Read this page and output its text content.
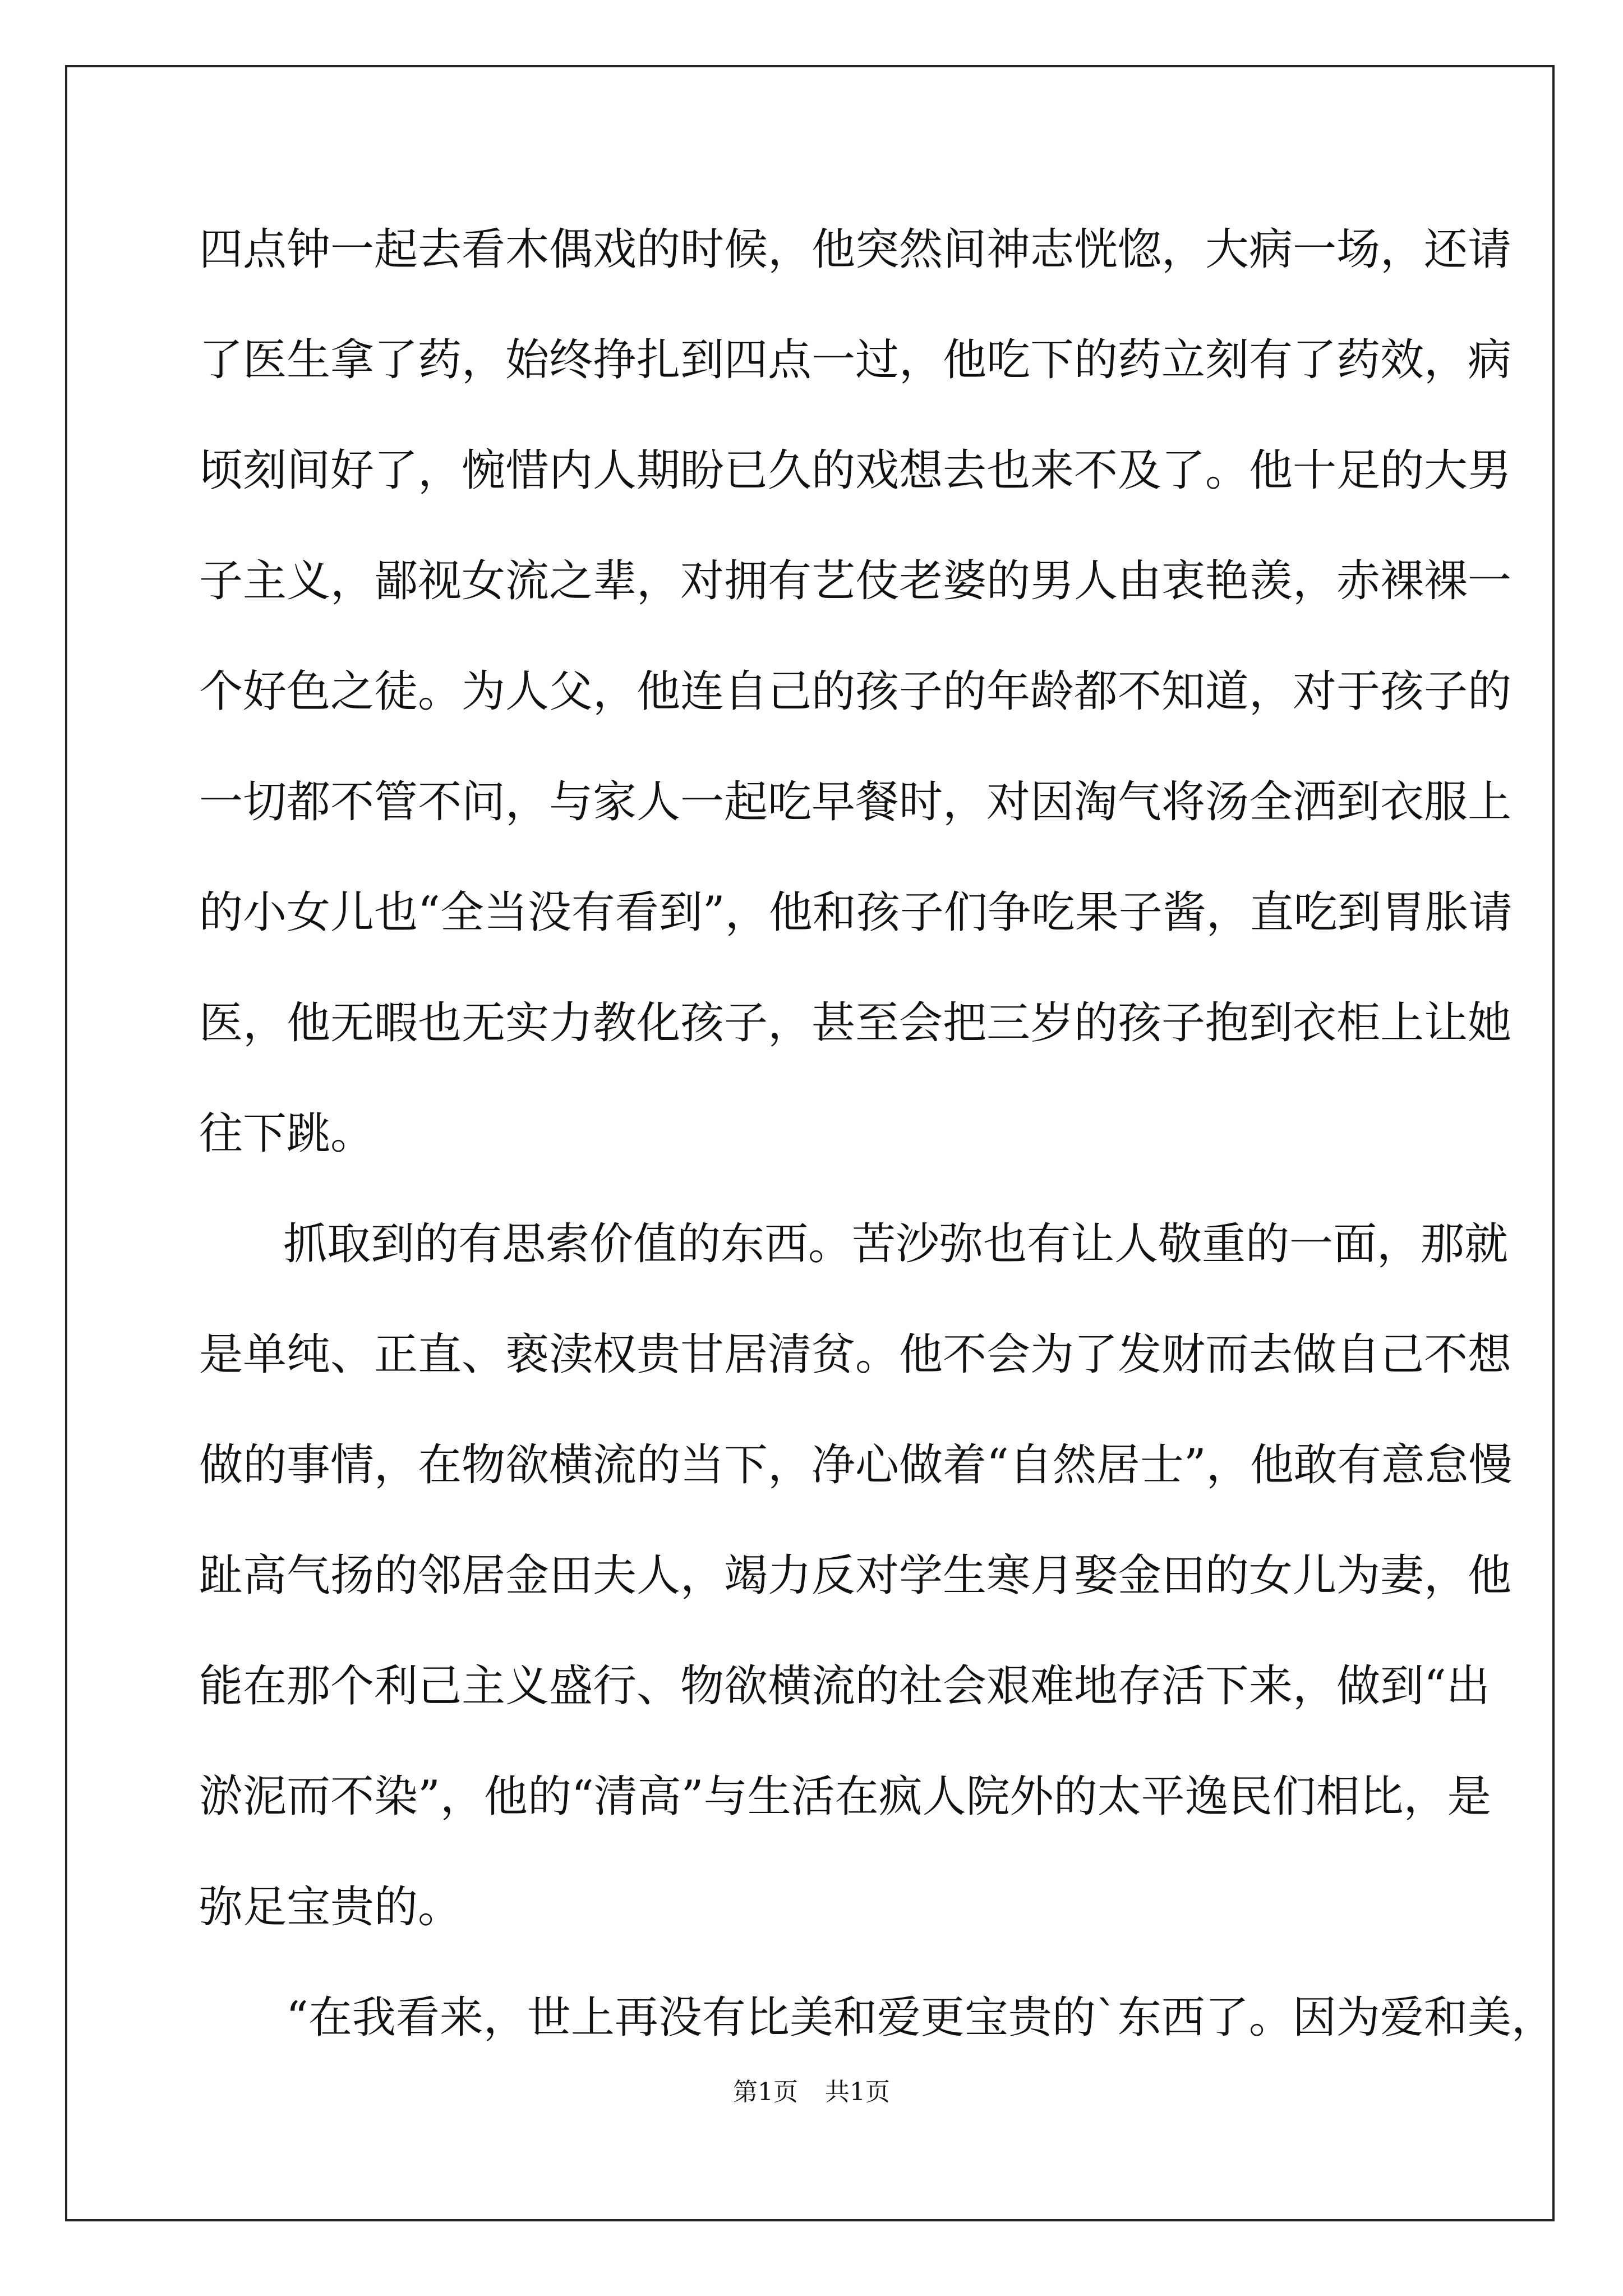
四点钟一起去看木偶戏的时候，他突然间神志恍惚，大病一场，还请
了医生拿了药，始终挣扎到四点一过，他吃下的药立刻有了药效，病
顷刻间好了，惋惜内人期盼已久的戏想去也来不及了。他十足的大男
子主义，鄙视女流之辈，对拥有艺伎老婆的男人由衷艳羡，赤裸裸一
个好色之徒。为人父，他连自己的孩子的年龄都不知道，对于孩子的
一切都不管不问，与家人一起吃早餐时，对因淘气将汤全洒到衣服上
的小女儿也“全当没有看到”，他和孩子们争吃果子酱，直吃到胃胀请
医，他无暇也无实力教化孩子，甚至会把三岁的孩子抱到衣柜上让她
往下跳。
抓取到的有思索价值的东西。苦沙弥也有让人敬重的一面，那就
是单纯、正直、亵渎权贵甘居清贫。他不会为了发财而去做自己不想
做的事情，在物欲横流的当下，净心做着“自然居士”，他敢有意怠慢
趾高气扬的邻居金田夫人，竭力反对学生寒月娶金田的女儿为妻，他
能在那个利己主义盛行、物欲横流的社会艰难地存活下来，做到“出
淤泥而不染”，他的“清高”与生活在疯人院外的太平逸民们相比，是
弥足宝贵的。
“在我看来，世上再没有比美和爱更宝贵的`东西了。因为爱和美，
第1页 共1页
